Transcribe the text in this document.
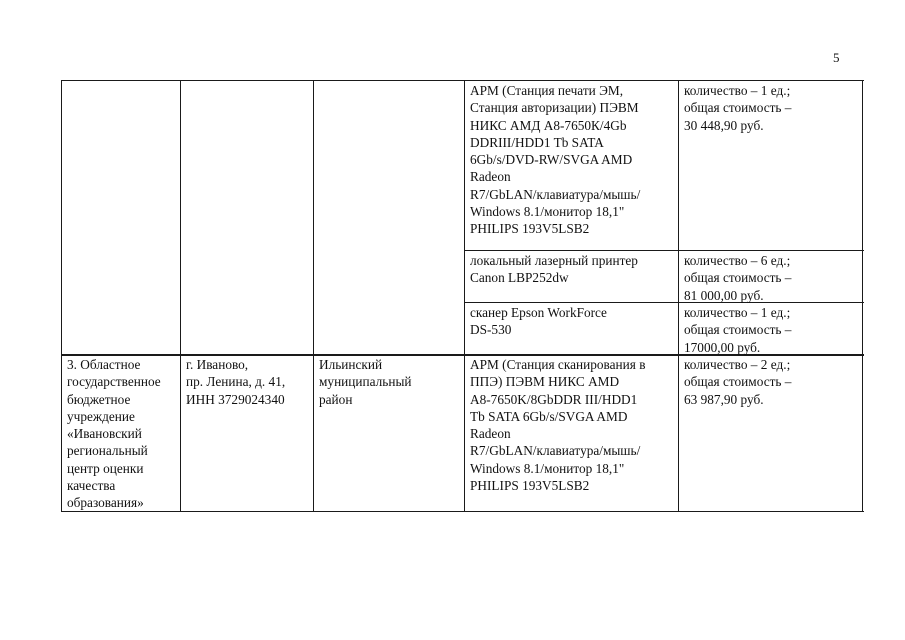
5
АРМ (Станция печати ЭМ,
Станция авторизации) ПЭВМ
НИКС АМД А8-7650К/4Gb
DDRIII/HDD1 Tb SATA
6Gb/s/DVD-RW/SVGA AMD
Radeon
R7/GbLAN/клавиатура/мышь/
Windows 8.1/монитор 18,1"
PHILIPS 193V5LSB2
количество – 1 ед.;
общая стоимость –
30 448,90 руб.
локальный лазерный принтер
Canon LBP252dw
количество – 6 ед.;
общая стоимость –
81 000,00 руб.
сканер Epson WorkForce
DS-530
количество – 1 ед.;
общая стоимость –
17000,00 руб.
3. Областное
государственное
бюджетное
учреждение
«Ивановский
региональный
центр оценки
качества
образования»
г. Иваново,
пр. Ленина, д. 41,
ИНН 3729024340
Ильинский
муниципальный
район
АРМ (Станция сканирования в
ППЭ) ПЭВМ НИКС AMD
A8-7650K/8GbDDR III/HDD1
Tb SATA 6Gb/s/SVGA AMD
Radeon
R7/GbLAN/клавиатура/мышь/
Windows 8.1/монитор 18,1"
PHILIPS 193V5LSB2
количество – 2 ед.;
общая стоимость –
63 987,90 руб.
